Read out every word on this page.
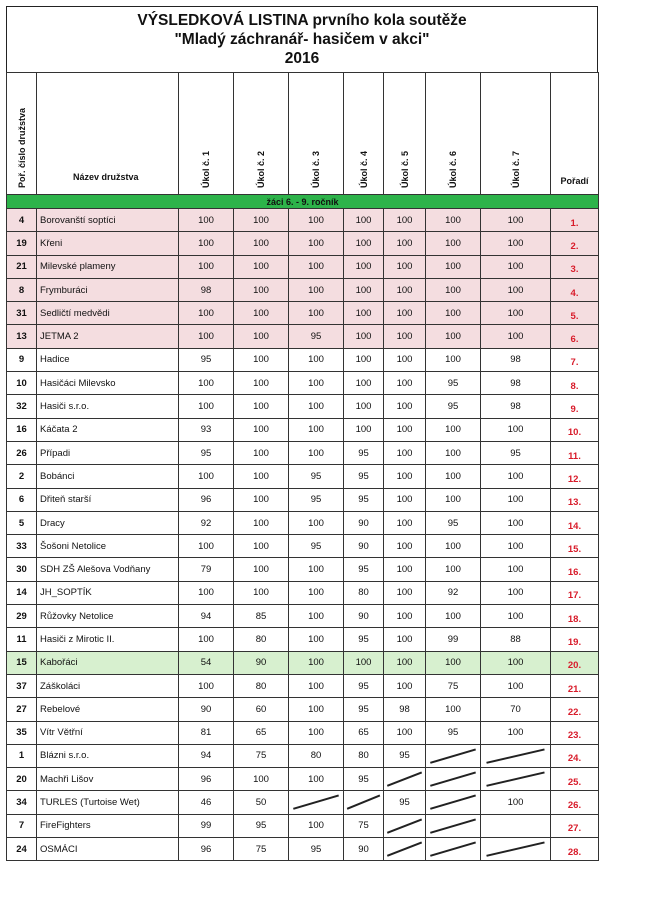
VÝSLEDKOVÁ LISTINA prvního kola soutěže
"Mladý záchranář- hasičem v akci"
2016
Poř. číslo družstva	Název družstva	Úkol č. 1	Úkol č. 2	Úkol č. 3	Úkol č. 4	Úkol č. 5	Úkol č. 6	Úkol č. 7	Pořadí
žáci 6. - 9. ročník									
4	Borovanští soptíci	100	100	100	100	100	100	100	1.
19	Křeni	100	100	100	100	100	100	100	2.
21	Milevské plameny	100	100	100	100	100	100	100	3.
8	Frymburáci	98	100	100	100	100	100	100	4.
31	Sedličtí medvědi	100	100	100	100	100	100	100	5.
13	JETMA 2	100	100	95	100	100	100	100	6.
9	Hadice	95	100	100	100	100	100	98	7.
10	Hasičáci Milevsko	100	100	100	100	100	95	98	8.
32	Hasiči s.r.o.	100	100	100	100	100	95	98	9.
16	Káčata 2	93	100	100	100	100	100	100	10.
26	Případi	95	100	100	95	100	100	95	11.
2	Bobánci	100	100	95	95	100	100	100	12.
6	Dřiteň starší	96	100	95	95	100	100	100	13.
5	Dracy	92	100	100	90	100	95	100	14.
33	Šošoni Netolice	100	100	95	90	100	100	100	15.
30	SDH ZŠ Alešova Vodňany	79	100	100	95	100	100	100	16.
14	JH_SOPTÍK	100	100	100	80	100	92	100	17.
29	Růžovky Netolice	94	85	100	90	100	100	100	18.
11	Hasiči z Mirotic II.	100	80	100	95	100	99	88	19.
15	Kabořáci	54	90	100	100	100	100	100	20.
37	Záškoláci	100	80	100	95	100	75	100	21.
27	Rebelové	90	60	100	95	98	100	70	22.
35	Vítr Větřní	81	65	100	65	100	95	100	23.
1	Blázni s.r.o.	94	75	80	80	95			24.
20	Machři Lišov	96	100	100	95				25.
34	TURLES (Turtoise Wet)	46	50			95		100	26.
7	FireFighters	99	95	100	75				27.
24	OSMÁCI	96	75	95	90				28.
